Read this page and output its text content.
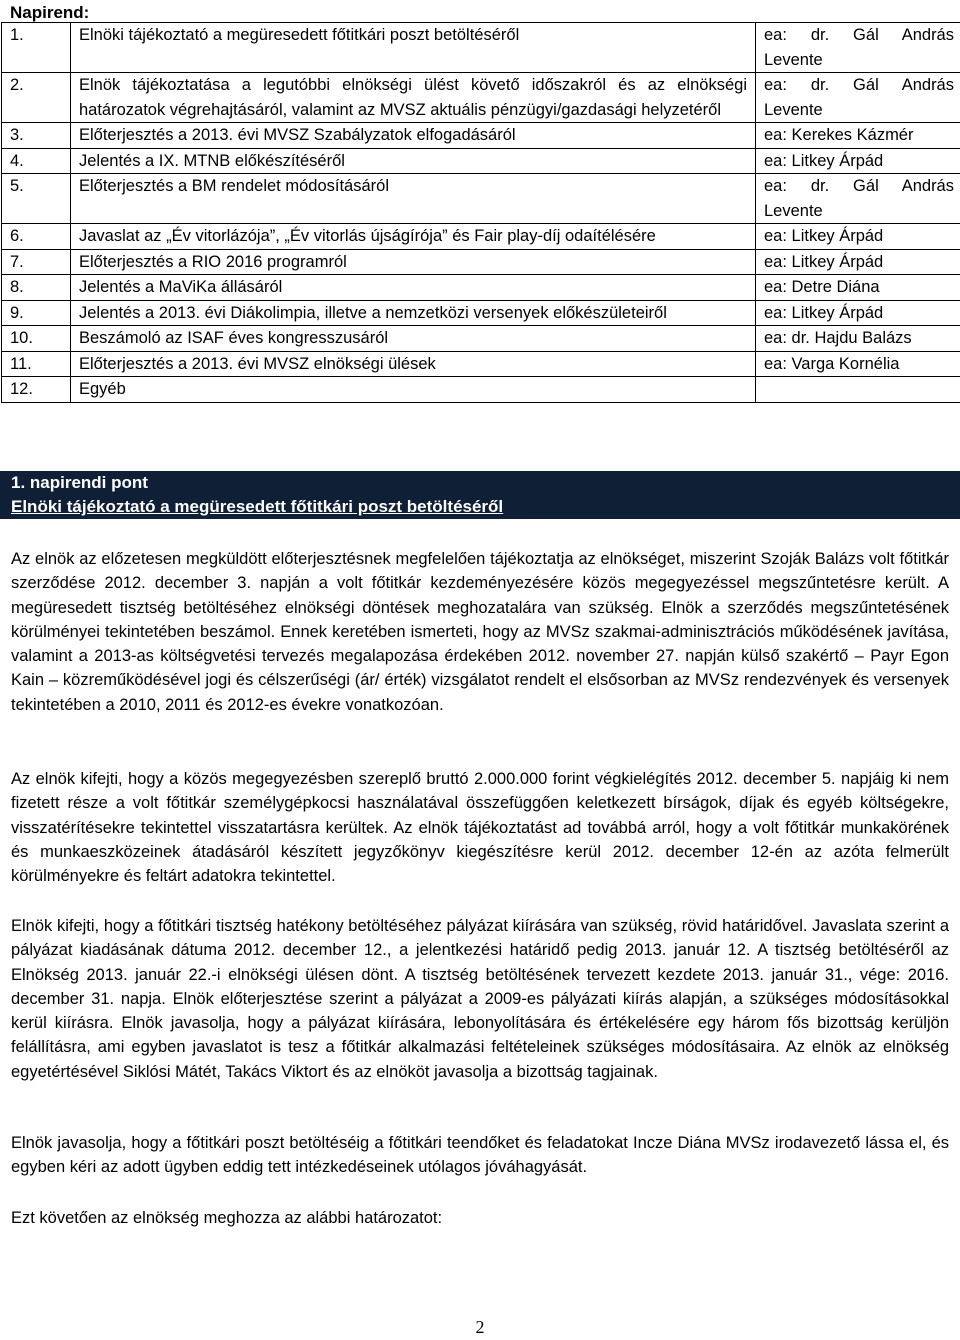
Napirend:
1.	Elnöki tájékoztató a megüresedett főtitkári poszt betöltéséről	ea: dr. Gál András Levente
2.	Elnök tájékoztatása a legutóbbi elnökségi ülést követő időszakról és az elnökségi határozatok végrehajtásáról, valamint az MVSZ aktuális pénzügyi/gazdasági helyzetéről	ea: dr. Gál András Levente
3.	Előterjesztés a 2013. évi MVSZ Szabályzatok elfogadásáról	ea: Kerekes Kázmér
4.	Jelentés a IX. MTNB előkészítéséről	ea: Litkey Árpád
5.	Előterjesztés a BM rendelet módosításáról	ea: dr. Gál András Levente
6.	Javaslat az „Év vitorlázója”, „Év vitorlás újságírója” és Fair play-díj odaítélésére	ea: Litkey Árpád
7.	Előterjesztés a RIO 2016 programról	ea: Litkey Árpád
8.	Jelentés a MaViKa állásáról	ea: Detre Diána
9.	Jelentés a 2013. évi Diákolimpia, illetve a nemzetközi versenyek előkészületeiről	ea: Litkey Árpád
10.	Beszámoló az ISAF éves kongresszusáról	ea: dr. Hajdu Balázs
11.	Előterjesztés a 2013. évi MVSZ elnökségi ülések	ea: Varga Kornélia
12.	Egyéb	
1. napirendi pont
Elnöki tájékoztató a megüresedett főtitkári poszt betöltéséről

Az elnök az előzetesen megküldött előterjesztésnek megfelelően tájékoztatja az elnökséget, miszerint Szoják Balázs volt főtitkár szerződése 2012. december 3. napján a volt főtitkár kezdeményezésére közös megegyezéssel megszűntetésre került. A megüresedett tisztség betöltéséhez elnökségi döntések meghozatalára van szükség. Elnök a szerződés megszűntetésének körülményei tekintetében beszámol. Ennek keretében ismerteti, hogy az MVSz szakmai-adminisztrációs működésének javítása, valamint a 2013-as költségvetési tervezés megalapozása érdekében 2012. november 27. napján külső szakértő – Payr Egon Kain – közreműködésével jogi és célszerűségi (ár/ érték) vizsgálatot rendelt el elsősorban az MVSz rendezvények és versenyek tekintetében a 2010, 2011 és 2012-es évekre vonatkozóan.

Az elnök kifejti, hogy a közös megegyezésben szereplő bruttó 2.000.000 forint végkielégítés 2012. december 5. napjáig ki nem fizetett része a volt főtitkár személygépkocsi használatával összefüggően keletkezett bírságok, díjak és egyéb költségekre, visszatérítésekre tekintettel visszatartásra kerültek. Az elnök tájékoztatást ad továbbá arról, hogy a volt főtitkár munkakörének és munkaeszközeinek átadásáról készített jegyzőkönyv kiegészítésre kerül 2012. december 12-én az azóta felmerült körülményekre és feltárt adatokra tekintettel.

Elnök kifejti, hogy a főtitkári tisztség hatékony betöltéséhez pályázat kiírására van szükség, rövid határidővel. Javaslata szerint a pályázat kiadásának dátuma 2012. december 12., a jelentkezési határidő pedig 2013. január 12. A tisztség betöltéséről az Elnökség 2013. január 22.-i elnökségi ülésen dönt. A tisztség betöltésének tervezett kezdete 2013. január 31., vége: 2016. december 31. napja. Elnök előterjesztése szerint a pályázat a 2009-es pályázati kiírás alapján, a szükséges módosításokkal kerül kiírásra. Elnök javasolja, hogy a pályázat kiírására, lebonyolítására és értékelésére egy három fős bizottság kerüljön felállításra, ami egyben javaslatot is tesz a főtitkár alkalmazási feltételeinek szükséges módosításaira. Az elnök az elnökség egyetértésével Siklósi Mátét, Takács Viktort és az elnököt javasolja a bizottság tagjainak.

Elnök javasolja, hogy a főtitkári poszt betöltéséig a főtitkári teendőket és feladatokat Incze Diána MVSz irodavezető lássa el, és egyben kéri az adott ügyben eddig tett intézkedéseinek utólagos jóváhagyását.

Ezt követően az elnökség meghozza az alábbi határozatot:

2
